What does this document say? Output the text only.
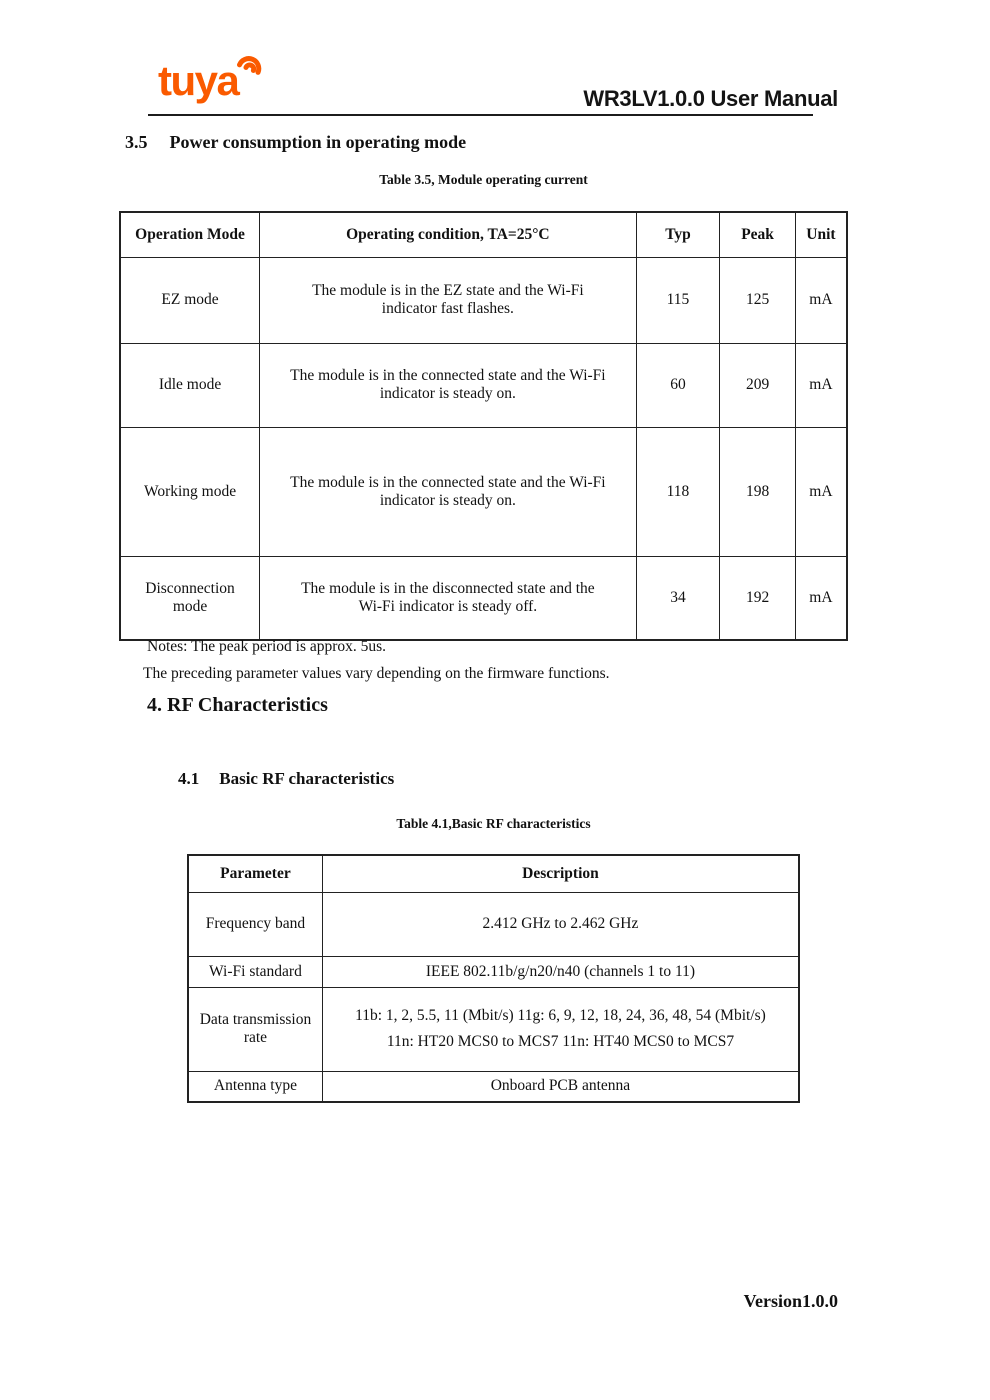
tuya	WR3LV1.0.0 User Manual
3.5 Power consumption in operating mode
Table 3.5, Module operating current
Operation Mode	Operating condition, TA=25°C	Typ	Peak	Unit
EZ mode	The module is in the EZ state and the Wi-Fi indicator fast flashes.	115	125	mA
Idle mode	The module is in the connected state and the Wi-Fi indicator is steady on.	60	209	mA
Working mode	The module is in the connected state and the Wi-Fi indicator is steady on.	118	198	mA
Disconnection mode	The module is in the disconnected state and the Wi-Fi indicator is steady off.	34	192	mA

Notes: The peak period is approx. 5us.

The preceding parameter values vary depending on the firmware functions.

4. RF Characteristics
4.1 Basic RF characteristics
Table 4.1,Basic RF characteristics
Parameter	Description
Frequency band	2.412 GHz to 2.462 GHz
Wi-Fi standard	IEEE 802.11b/g/n20/n40 (channels 1 to 11)
Data transmission rate	11b: 1, 2, 5.5, 11 (Mbit/s) 11g: 6, 9, 12, 18, 24, 36, 48, 54 (Mbit/s) 11n: HT20 MCS0 to MCS7 11n: HT40 MCS0 to MCS7
Antenna type	Onboard PCB antenna
Version1.0.0
